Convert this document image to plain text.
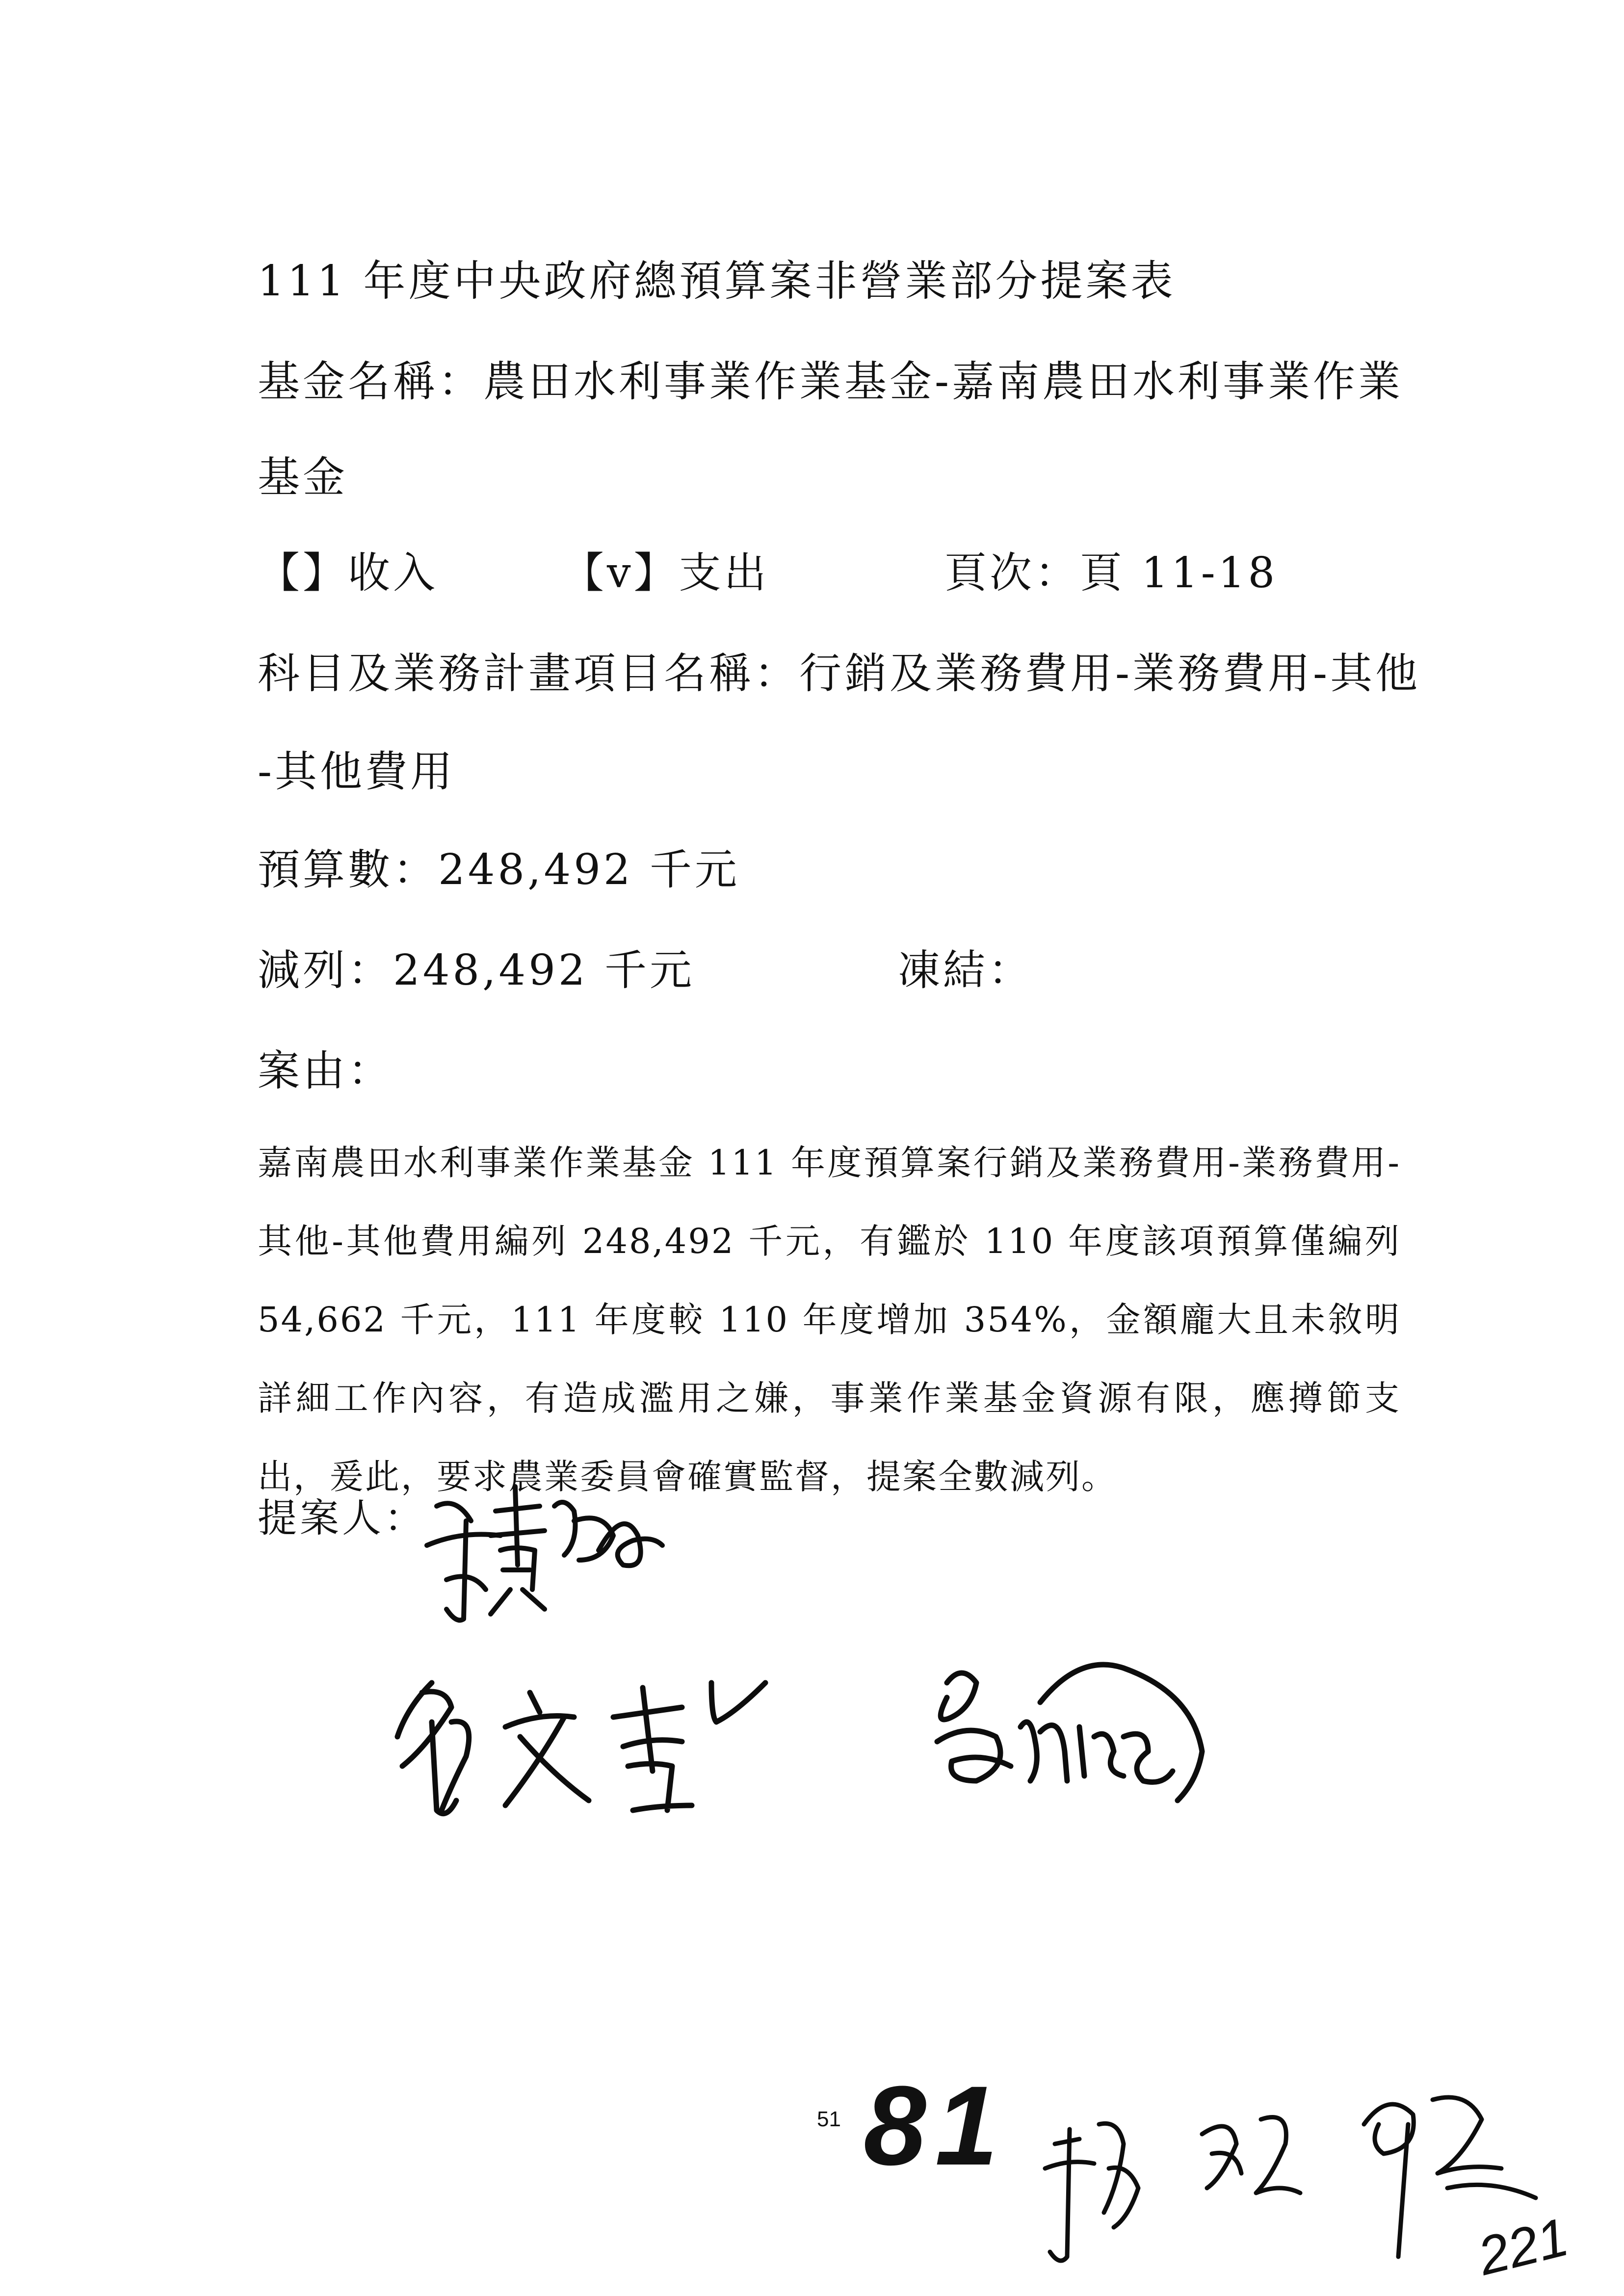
111 年度中央政府總預算案非營業部分提案表
基金名稱：農田水利事業作業基金-嘉南農田水利事業作業
基金
【】收入	【v】支出	頁次：頁 11-18
科目及業務計畫項目名稱：行銷及業務費用-業務費用-其他
-其他費用
預算數：248,492 千元
減列：248,492 千元	凍結：
案由：
嘉南農田水利事業作業基金 111 年度預算案行銷及業務費用-業務費用-其他-其他費用編列 248,492 千元，有鑑於 110 年度該項預算僅編列 54,662 千元，111 年度較 110 年度增加 354%，金額龐大且未敘明詳細工作內容，有造成濫用之嫌，事業作業基金資源有限，應撙節支出，爰此，要求農業委員會確實監督，提案全數減列。
提案人：
51 81
221
